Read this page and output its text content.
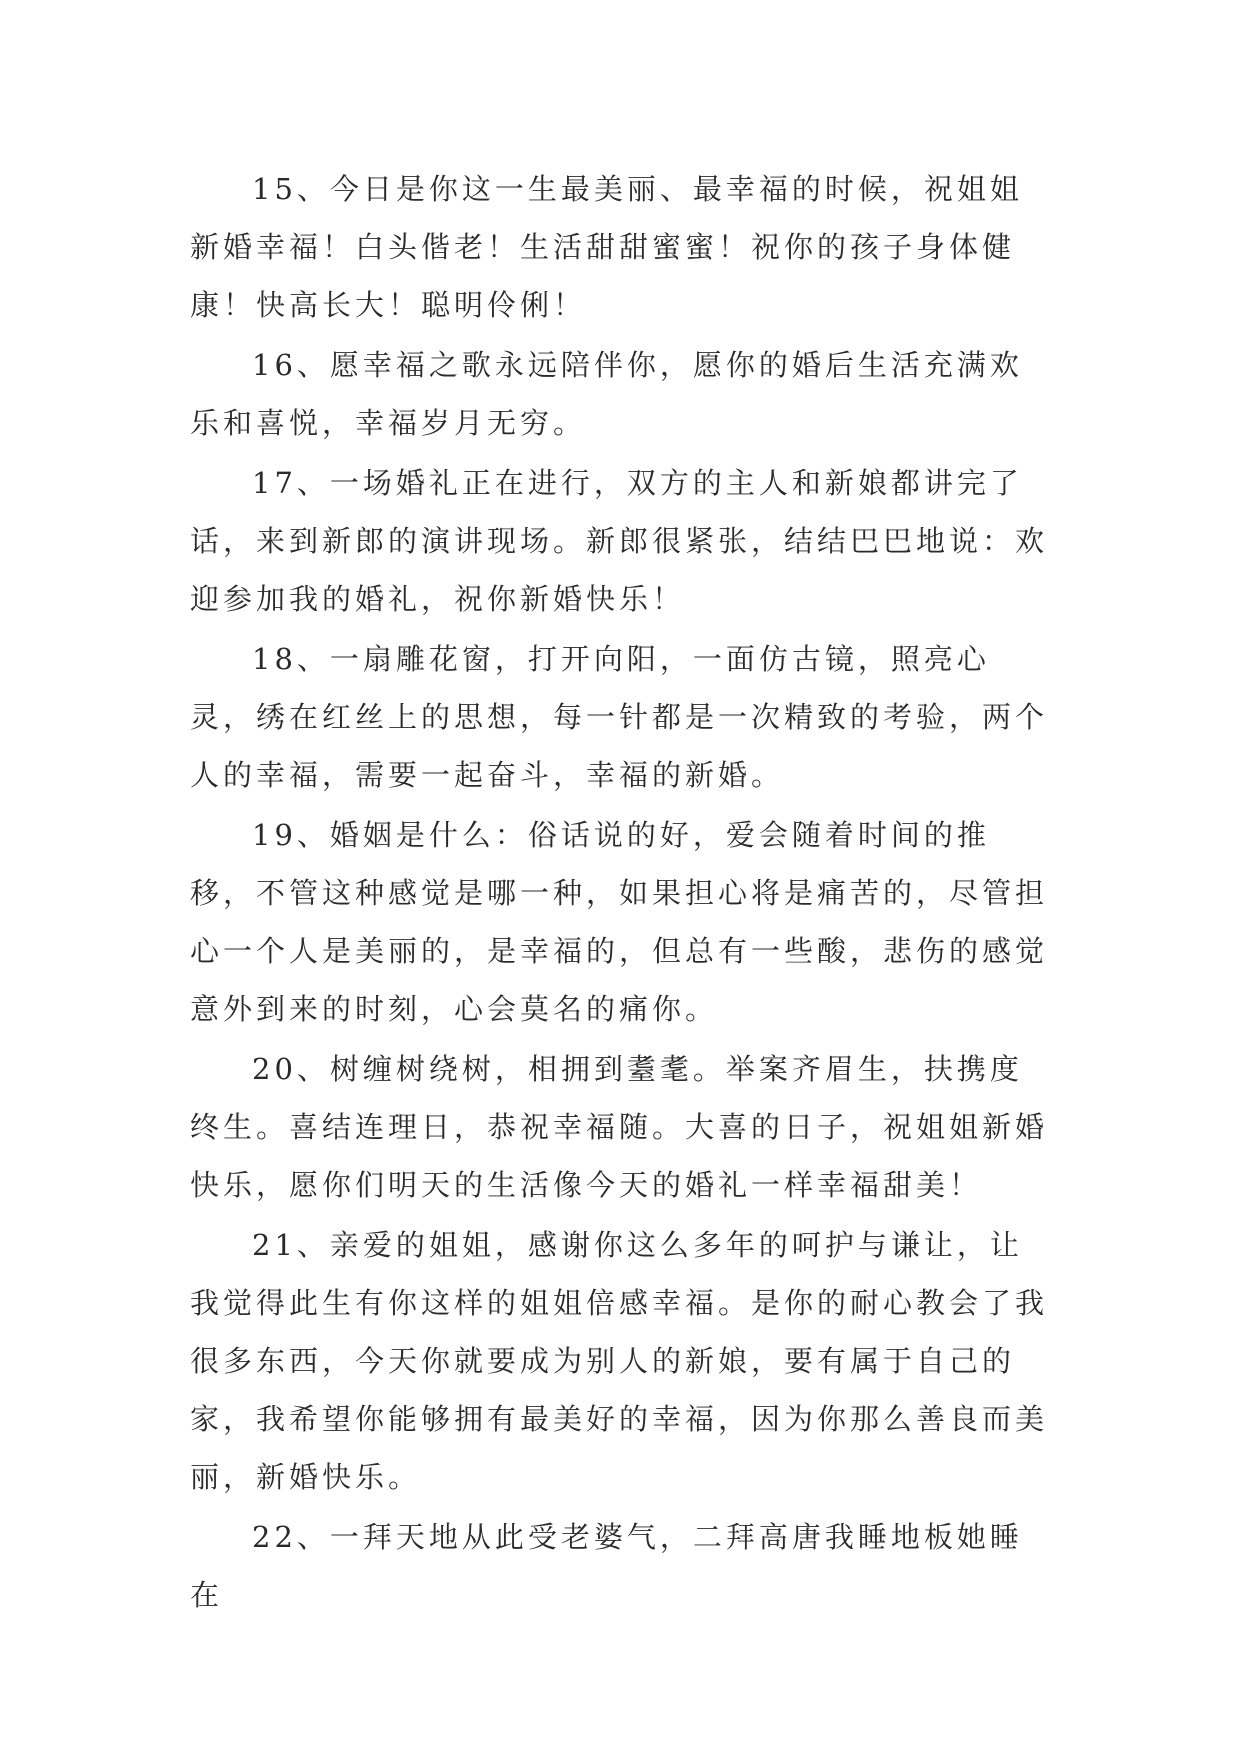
15、今日是你这一生最美丽、最幸福的时候，祝姐姐新婚幸福！白头偕老！生活甜甜蜜蜜！祝你的孩子身体健康！快高长大！聪明伶俐！

16、愿幸福之歌永远陪伴你，愿你的婚后生活充满欢乐和喜悦，幸福岁月无穷。

17、一场婚礼正在进行，双方的主人和新娘都讲完了话，来到新郎的演讲现场。新郎很紧张，结结巴巴地说：欢迎参加我的婚礼，祝你新婚快乐！

18、一扇雕花窗，打开向阳，一面仿古镜，照亮心灵，绣在红丝上的思想，每一针都是一次精致的考验，两个人的幸福，需要一起奋斗，幸福的新婚。

19、婚姻是什么：俗话说的好，爱会随着时间的推移，不管这种感觉是哪一种，如果担心将是痛苦的，尽管担心一个人是美丽的，是幸福的，但总有一些酸，悲伤的感觉意外到来的时刻，心会莫名的痛你。

20、树缠树绕树，相拥到耋耄。举案齐眉生，扶携度终生。喜结连理日，恭祝幸福随。大喜的日子，祝姐姐新婚快乐，愿你们明天的生活像今天的婚礼一样幸福甜美！

21、亲爱的姐姐，感谢你这么多年的呵护与谦让，让我觉得此生有你这样的姐姐倍感幸福。是你的耐心教会了我很多东西，今天你就要成为别人的新娘，要有属于自己的家，我希望你能够拥有最美好的幸福，因为你那么善良而美丽，新婚快乐。

22、一拜天地从此受老婆气，二拜高唐我睡地板她睡在
